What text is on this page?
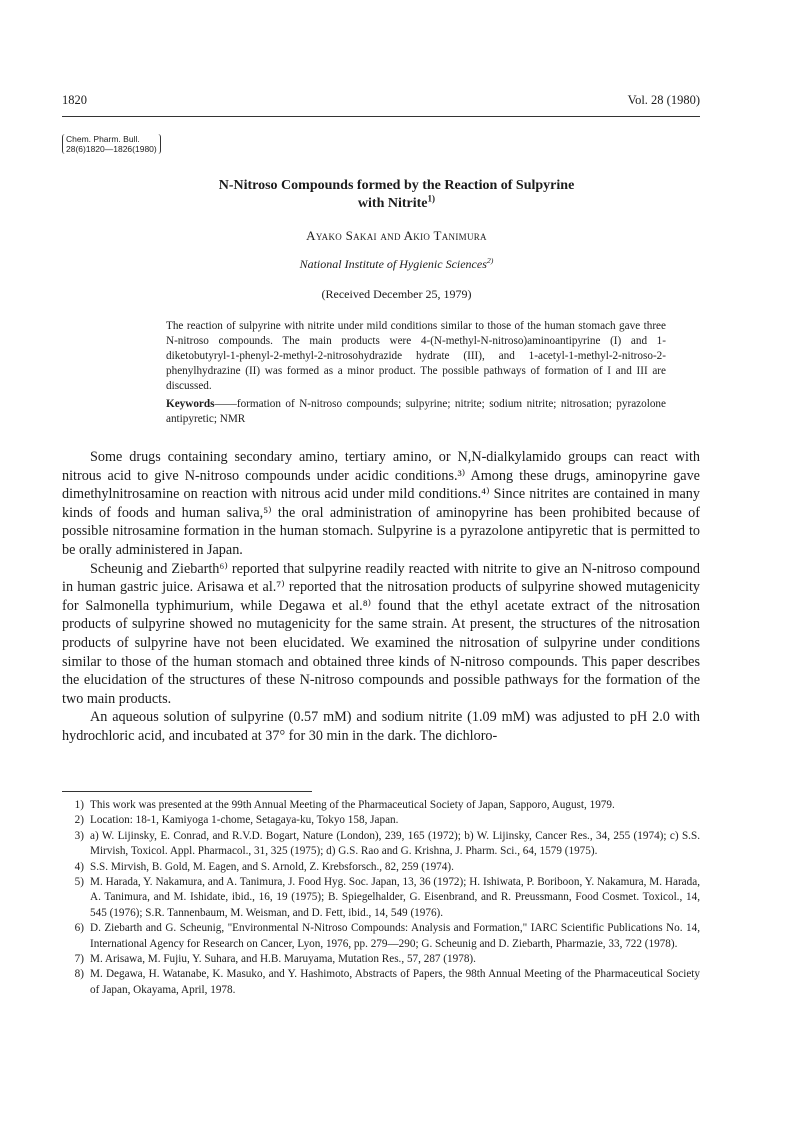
1820	Vol. 28 (1980)
Chem. Pharm. Bull.
28(6)1820—1826(1980)
N-Nitroso Compounds formed by the Reaction of Sulpyrine
with Nitrite$^{1)}$
Ayako Sakai and Akio Tanimura
National Institute of Hygienic Sciences$^{2)}$
(Received December 25, 1979)

The reaction of sulpyrine with nitrite under mild conditions similar to those of the human stomach gave three N-nitroso compounds. The main products were 4-(N-methyl-N-nitroso)aminoantipyrine (I) and 1-diketobutyryl-1-phenyl-2-methyl-2-nitrosohydrazide hydrate (III), and 1-acetyl-1-methyl-2-nitroso-2-phenylhydrazine (II) was formed as a minor product. The possible pathways of formation of I and III are discussed.

Keywords——formation of N-nitroso compounds; sulpyrine; nitrite; sodium nitrite; nitrosation; pyrazolone antipyretic; NMR

Some drugs containing secondary amino, tertiary amino, or N,N-dialkylamido groups can react with nitrous acid to give N-nitroso compounds under acidic conditions.³⁾ Among these drugs, aminopyrine gave dimethylnitrosamine on reaction with nitrous acid under mild conditions.⁴⁾ Since nitrites are contained in many kinds of foods and human saliva,⁵⁾ the oral administration of aminopyrine has been prohibited because of possible nitrosamine formation in the human stomach. Sulpyrine is a pyrazolone antipyretic that is permitted to be orally administered in Japan.

Scheunig and Ziebarth⁶⁾ reported that sulpyrine readily reacted with nitrite to give an N-nitroso compound in human gastric juice. Arisawa et al.⁷⁾ reported that the nitrosation products of sulpyrine showed mutagenicity for Salmonella typhimurium, while Degawa et al.⁸⁾ found that the ethyl acetate extract of the nitrosation products of sulpyrine showed no mutagenicity for the same strain. At present, the structures of the nitrosation products of sulpyrine have not been elucidated. We examined the nitrosation of sulpyrine under conditions similar to those of the human stomach and obtained three kinds of N-nitroso compounds. This paper describes the elucidation of the structures of these N-nitroso compounds and possible pathways for the formation of the two main products.

An aqueous solution of sulpyrine (0.57 mM) and sodium nitrite (1.09 mM) was adjusted to pH 2.0 with hydrochloric acid, and incubated at 37° for 30 min in the dark. The dichloro-

1) This work was presented at the 99th Annual Meeting of the Pharmaceutical Society of Japan, Sapporo, August, 1979.
2) Location: 18-1, Kamiyoga 1-chome, Setagaya-ku, Tokyo 158, Japan.
3) a) W. Lijinsky, E. Conrad, and R.V.D. Bogart, Nature (London), 239, 165 (1972); b) W. Lijinsky, Cancer Res., 34, 255 (1974); c) S.S. Mirvish, Toxicol. Appl. Pharmacol., 31, 325 (1975); d) G.S. Rao and G. Krishna, J. Pharm. Sci., 64, 1579 (1975).
4) S.S. Mirvish, B. Gold, M. Eagen, and S. Arnold, Z. Krebsforsch., 82, 259 (1974).
5) M. Harada, Y. Nakamura, and A. Tanimura, J. Food Hyg. Soc. Japan, 13, 36 (1972); H. Ishiwata, P. Boriboon, Y. Nakamura, M. Harada, A. Tanimura, and M. Ishidate, ibid., 16, 19 (1975); B. Spiegelhalder, G. Eisenbrand, and R. Preussmann, Food Cosmet. Toxicol., 14, 545 (1976); S.R. Tannenbaum, M. Weisman, and D. Fett, ibid., 14, 549 (1976).
6) D. Ziebarth and G. Scheunig, "Environmental N-Nitroso Compounds: Analysis and Formation," IARC Scientific Publications No. 14, International Agency for Research on Cancer, Lyon, 1976, pp. 279—290; G. Scheunig and D. Ziebarth, Pharmazie, 33, 722 (1978).
7) M. Arisawa, M. Fujiu, Y. Suhara, and H.B. Maruyama, Mutation Res., 57, 287 (1978).
8) M. Degawa, H. Watanabe, K. Masuko, and Y. Hashimoto, Abstracts of Papers, the 98th Annual Meeting of the Pharmaceutical Society of Japan, Okayama, April, 1978.
